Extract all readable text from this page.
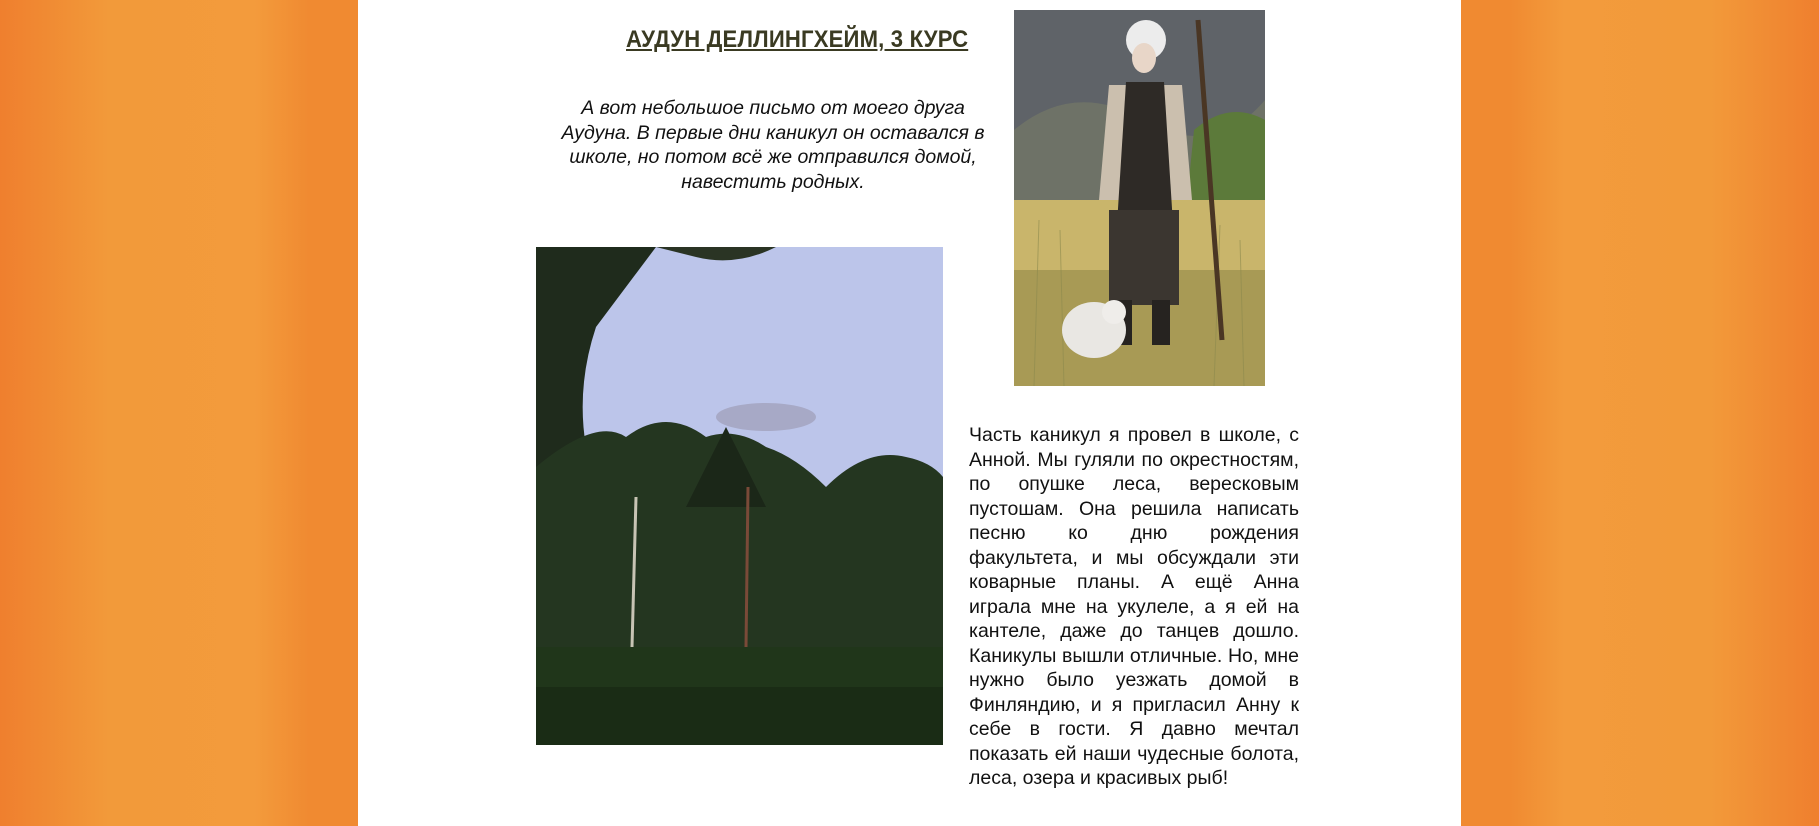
АУДУН ДЕЛЛИНГХЕЙМ, 3 КУРС
А вот небольшое письмо от моего друга Аудуна. В первые дни каникул он оставался в школе, но потом всё же отправился домой, навестить родных.
Часть каникул я провел в школе, с Анной. Мы гуляли по окрестностям, по опушке леса, вересковым пустошам. Она решила написать песню ко дню рождения факультета, и мы обсуждали эти коварные планы. А ещё Анна играла мне на укулеле, а я ей на кантеле, даже до танцев дошло. Каникулы вышли отличные. Но, мне нужно было уезжать домой в Финляндию, и я пригласил Анну к себе в гости. Я давно мечтал показать ей наши чудесные болота, леса, озера и красивых рыб!
